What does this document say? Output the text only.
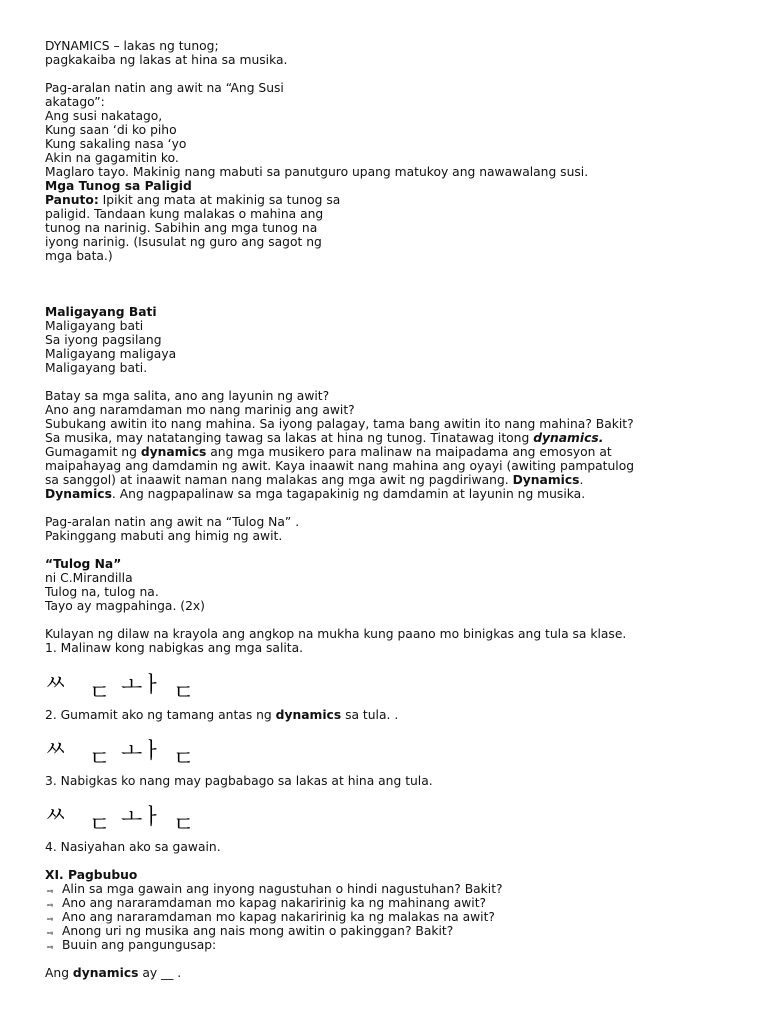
DYNAMICS – lakas ng tunog;
pagkakaiba ng lakas at hina sa musika.
Pag-aralan natin ang awit na “Ang Susi
akatago”:
Ang susi nakatago,
Kung saan ‘di ko piho
Kung sakaling nasa ‘yo
Akin na gagamitin ko.
Maglaro tayo. Makinig nang mabuti sa panutguro upang matukoy ang nawawalang susi.
Mga Tunog sa Paligid
Panuto: Ipikit ang mata at makinig sa tunog sa
paligid. Tandaan kung malakas o mahina ang
tunog na narinig. Sabihin ang mga tunog na
iyong narinig. (Isusulat ng guro ang sagot ng
mga bata.)
Maligayang Bati
Maligayang bati
Sa iyong pagsilang
Maligayang maligaya
Maligayang bati.
Batay sa mga salita, ano ang layunin ng awit?
Ano ang naramdaman mo nang marinig ang awit?
Subukang awitin ito nang mahina. Sa iyong palagay, tama bang awitin ito nang mahina? Bakit?
Sa musika, may natatanging tawag sa lakas at hina ng tunog. Tinatawag itong dynamics.
Gumagamit ng dynamics ang mga musikero para malinaw na maipadama ang emosyon at
maipahayag ang damdamin ng awit. Kaya inaawit nang mahina ang oyayi (awiting pampatulog
sa sanggol) at inaawit naman nang malakas ang mga awit ng pagdiriwang. Dynamics.
Dynamics. Ang nagpapalinaw sa mga tagapakinig ng damdamin at layunin ng musika.
Pag-aralan natin ang awit na “Tulog Na” .
Pakinggang mabuti ang himig ng awit.
“Tulog Na”
ni C.Mirandilla
Tulog na, tulog na.
Tayo ay magpahinga. (2x)
Kulayan ng dilaw na krayola ang angkop na mukha kung paano mo binigkas ang tula sa klase.
1. Malinaw kong nabigkas ang mga salita.

ㅆ

ㄷ

ㅗ

ㅏ

ㄷ

2. Gumamit ako ng tamang antas ng dynamics sa tula. .

ㅆ

ㄷ

ㅗ

ㅏ

ㄷ

3. Nabigkas ko nang may pagbabago sa lakas at hina ang tula.

ㅆ

ㄷ

ㅗ

ㅏ

ㄷ

4. Nasiyahan ako sa gawain.
XI. Pagbubuo
ᆿ Alin sa mga gawain ang inyong nagustuhan o hindi nagustuhan? Bakit?
ᆿ Ano ang nararamdaman mo kapag nakaririnig ka ng mahinang awit?
ᆿ Ano ang nararamdaman mo kapag nakaririnig ka ng malakas na awit?
ᆿ Anong uri ng musika ang nais mong awitin o pakinggan? Bakit?
ᆿ Buuin ang pangungusap:
Ang dynamics ay __ .
